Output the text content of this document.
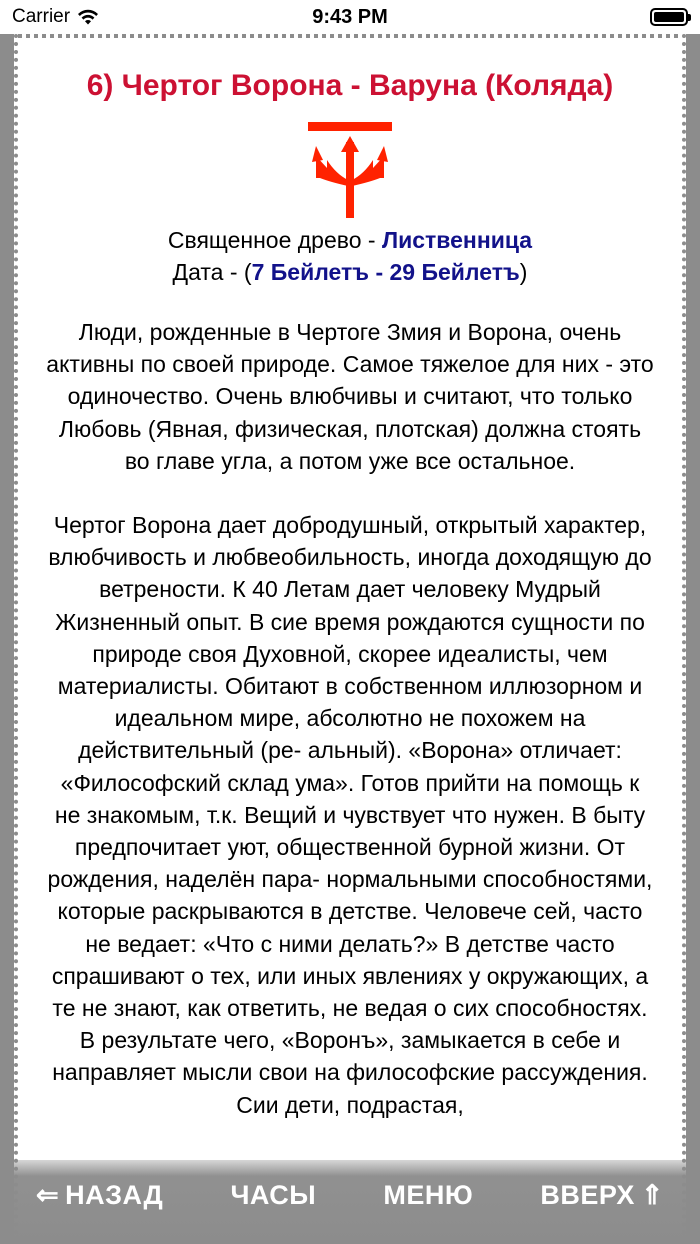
Carrier	9:43 PM
6) Чертог Ворона - Варуна (Коляда)
Священное древо - Лиственница
Дата - (7 Бейлетъ - 29 Бейлетъ)

Люди, рожденные в Чертоге Змия и Ворона, очень активны по своей природе. Самое тяжелое для них - это одиночество. Очень влюбчивы и считают, что только Любовь (Явная, физическая, плотская) должна стоять во главе угла, а потом уже все остальное.

Чертог Ворона дает добродушный, открытый характер, влюбчивость и любвеобильность, иногда доходящую до ветрености. К 40 Летам дает человеку Мудрый Жизненный опыт. В сие время рождаются сущности по природе своя Духовной, скорее идеалисты, чем материалисты. Обитают в собственном иллюзорном и идеальном мире, абсолютно не похожем на действительный (ре- альный). «Ворона» отличает: «Философский склад ума». Готов прийти на помощь к не знакомым, т.к. Вещий и чувствует что нужен. В быту предпочитает уют, общественной бурной жизни. От рождения, наделён пара- нормальными способностями, которые раскрываются в детстве. Человече сей, часто не ведает: «Что с ними делать?» В детстве часто спрашивают о тех, или иных явлениях у окружающих, а те не знают, как ответить, не ведая о сих способностях. В результате чего, «Воронъ», замыкается в себе и направляет мысли свои на философские рассуждения. Сии дети, подрастая,

⇐ НАЗАД ЧАСЫ МЕНЮ ВВЕРХ ⇑
